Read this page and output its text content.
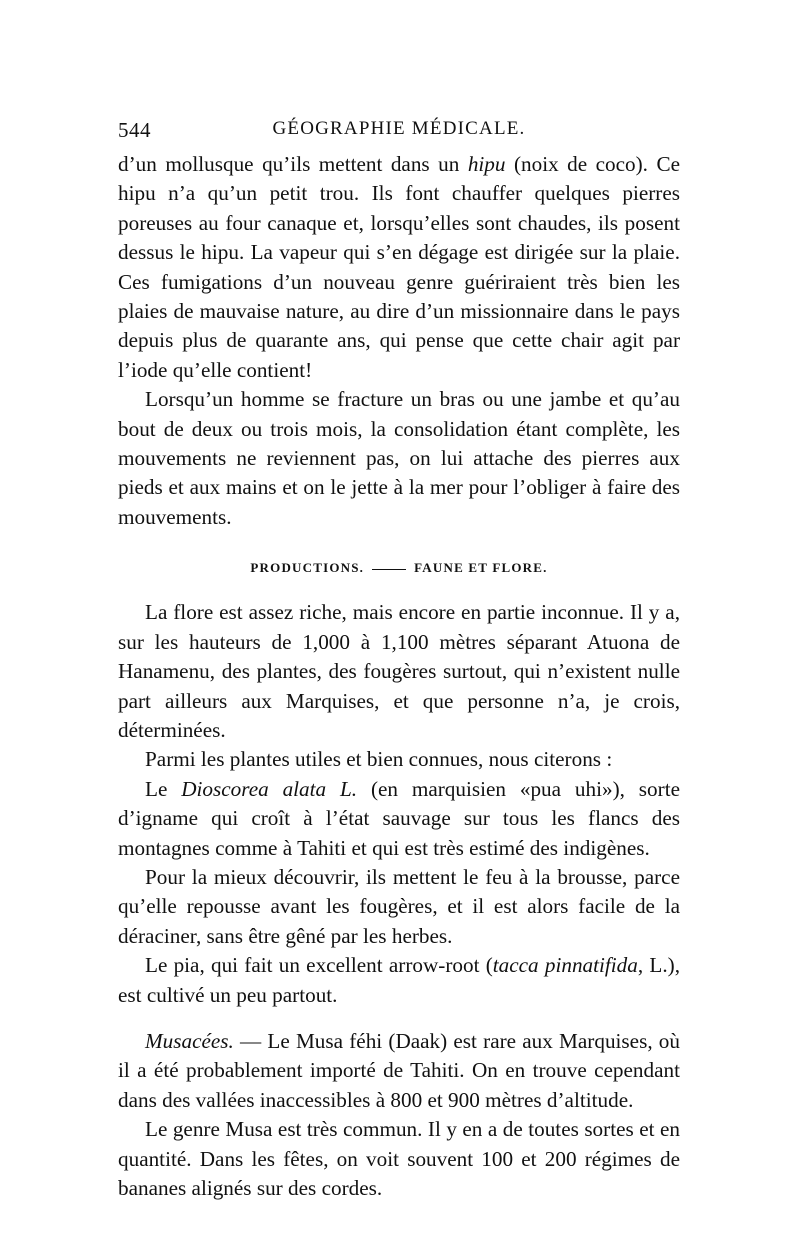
544	GÉOGRAPHIE MÉDICALE.

d’un mollusque qu’ils mettent dans un hipu (noix de coco). Ce hipu n’a qu’un petit trou. Ils font chauffer quelques pierres poreuses au four canaque et, lorsqu’elles sont chaudes, ils posent dessus le hipu. La vapeur qui s’en dégage est dirigée sur la plaie. Ces fumigations d’un nouveau genre guériraient très bien les plaies de mauvaise nature, au dire d’un missionnaire dans le pays depuis plus de quarante ans, qui pense que cette chair agit par l’iode qu’elle contient!

Lorsqu’un homme se fracture un bras ou une jambe et qu’au bout de deux ou trois mois, la consolidation étant complète, les mouvements ne reviennent pas, on lui attache des pierres aux pieds et aux mains et on le jette à la mer pour l’obliger à faire des mouvements.

PRODUCTIONS.	FAUNE ET FLORE.

La flore est assez riche, mais encore en partie inconnue. Il y a, sur les hauteurs de 1,000 à 1,100 mètres séparant Atuona de Hanamenu, des plantes, des fougères surtout, qui n’existent nulle part ailleurs aux Marquises, et que personne n’a, je crois, déterminées.

Parmi les plantes utiles et bien connues, nous citerons :

Le Dioscorea alata L. (en marquisien «pua uhi»), sorte d’igname qui croît à l’état sauvage sur tous les flancs des montagnes comme à Tahiti et qui est très estimé des indigènes.

Pour la mieux découvrir, ils mettent le feu à la brousse, parce qu’elle repousse avant les fougères, et il est alors facile de la déraciner, sans être gêné par les herbes.

Le pia, qui fait un excellent arrow-root (tacca pinnatifida, L.), est cultivé un peu partout.

Musacées. — Le Musa féhi (Daak) est rare aux Marquises, où il a été probablement importé de Tahiti. On en trouve cependant dans des vallées inaccessibles à 800 et 900 mètres d’altitude.

Le genre Musa est très commun. Il y en a de toutes sortes et en quantité. Dans les fêtes, on voit souvent 100 et 200 régimes de bananes alignés sur des cordes.
